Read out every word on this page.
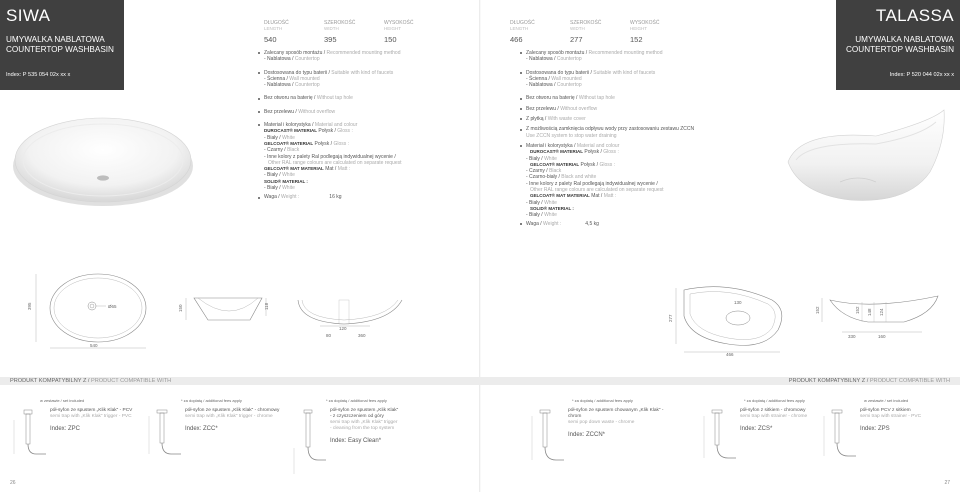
SIWA
UMYWALKA NABLATOWA
COUNTERTOP WASHBASIN
Index: P 535 054 02x xx x
DŁUGOŚĆ
LENGTH
540
SZEROKOŚĆ
WIDTH
395
WYSOKOŚĆ
HEIGHT
150
Zalecany sposób montażu / Recommended mounting method
- Nablatowa / Countertop
Dostosowana do typu baterii / Suitable with kind of faucets
- Ścienna / Wall mounted
- Nablatowa / Countertop
Bez otworu na baterię / Without tap hole
Bez przelewu / Without overflow
Materiał i kolorystyka / Material and colour
DUROCAST® MATERIAL Połysk / Gloss :
- Biały / White
GELCOAT® MATERIAL Połysk / Gloss :
- Czarny / Black
- Inne kolory z palety Ral podlegają indywidualnej wycenie /
Other RAL range colours are calculated on separate request
GELCOAT® MAT MATERIAL Mat / Matt :
- Biały / White
SOLID® MATERIAL :
- Biały / White
Waga / Weight :	16 kg
Ø65
395
540
150	118
120
80	360
PRODUKT KOMPATYBILNY Z / PRODUCT COMPATIBLE WITH
w zestawie / set included
pół-syfon ze spustem „Klik Klak” - PCV
semi trap with „Klik Klak” trigger - PVC
Index: ZPC
* za dopłatą / additional fees apply
pół-syfon ze spustem „Klik Klak” - chromowy
semi trap with „Klik Klak” trigger - chrome
Index: ZCC*
* za dopłatą / additional fees apply
pół-syfon ze spustem „Klik Klak”
- z czyszczeniem od góry
semi trap with „Klik Klak” trigger
- cleaning from the top system
Index: Easy Clean*
26
TALASSA
UMYWALKA NABLATOWA
COUNTERTOP WASHBASIN
Index: P 520 044 02x xx x
DŁUGOŚĆ
LENGTH
466
SZEROKOŚĆ
WIDTH
277
WYSOKOŚĆ
HEIGHT
152
Zalecany sposób montażu / Recommended mounting method
- Nablatowa / Countertop
Dostosowana do typu baterii / Suitable with kind of faucets
- Ścienna / Wall mounted
- Nablatowa / Countertop
Bez otworu na baterię / Without tap hole
Bez przelewu / Without overflow
Z płytką / With waste cover
Z możliwością zamknięcia odpływu wody przy zastosowaniu zestawu ZCCN
Use ZCCN system to stop water draining
Materiał i kolorystyka / Material and colour
DUROCAST® MATERIAL Połysk / Gloss :
- Biały / White
GELCOAT® MATERIAL Połysk / Gloss :
- Czarny / Black
- Czarno-biały / Black and white
- Inne kolory z palety Ral podlegają indywidualnej wycenie /
Other RAL range colours are calculated on separate request
GELCOAT® MAT MATERIAL Mat / Matt :
- Biały / White
SOLID® MATERIAL :
- Biały / White
Waga / Weight :	4,5 kg
130
277
466
152 148 124
152
330	160
PRODUKT KOMPATYBILNY Z / PRODUCT COMPATIBLE WITH
* za dopłatą / additional fees apply
pół-syfon ze spustem chowanym „Klik Klak” - chrom
semi pop down waste - chrome
Index: ZCCN*
* za dopłatą / additional fees apply
pół-syfon z sitkiem - chromowy
semi trap with strainer - chrome
Index: ZCS*
w zestawie / set included
pół-syfon PCV z sitkiem
semi trap with strainer - PVC
Index: ZPS
27
